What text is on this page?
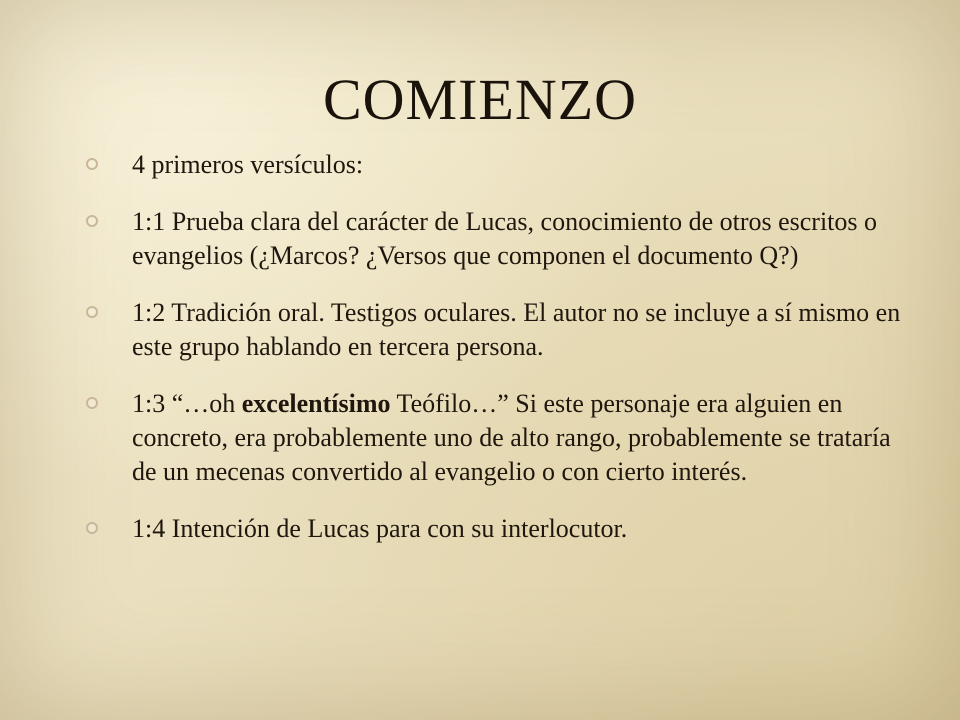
COMIENZO
4 primeros versículos:
1:1 Prueba clara del carácter de Lucas, conocimiento de otros escritos o evangelios (¿Marcos? ¿Versos que componen el documento Q?)
1:2 Tradición oral. Testigos oculares. El autor no se incluye a sí mismo en este grupo hablando en tercera persona.
1:3 “…oh excelentísimo Teófilo…” Si este personaje era alguien en concreto, era probablemente uno de alto rango, probablemente se trataría de un mecenas convertido al evangelio o con cierto interés.
1:4 Intención de Lucas para con su interlocutor.
